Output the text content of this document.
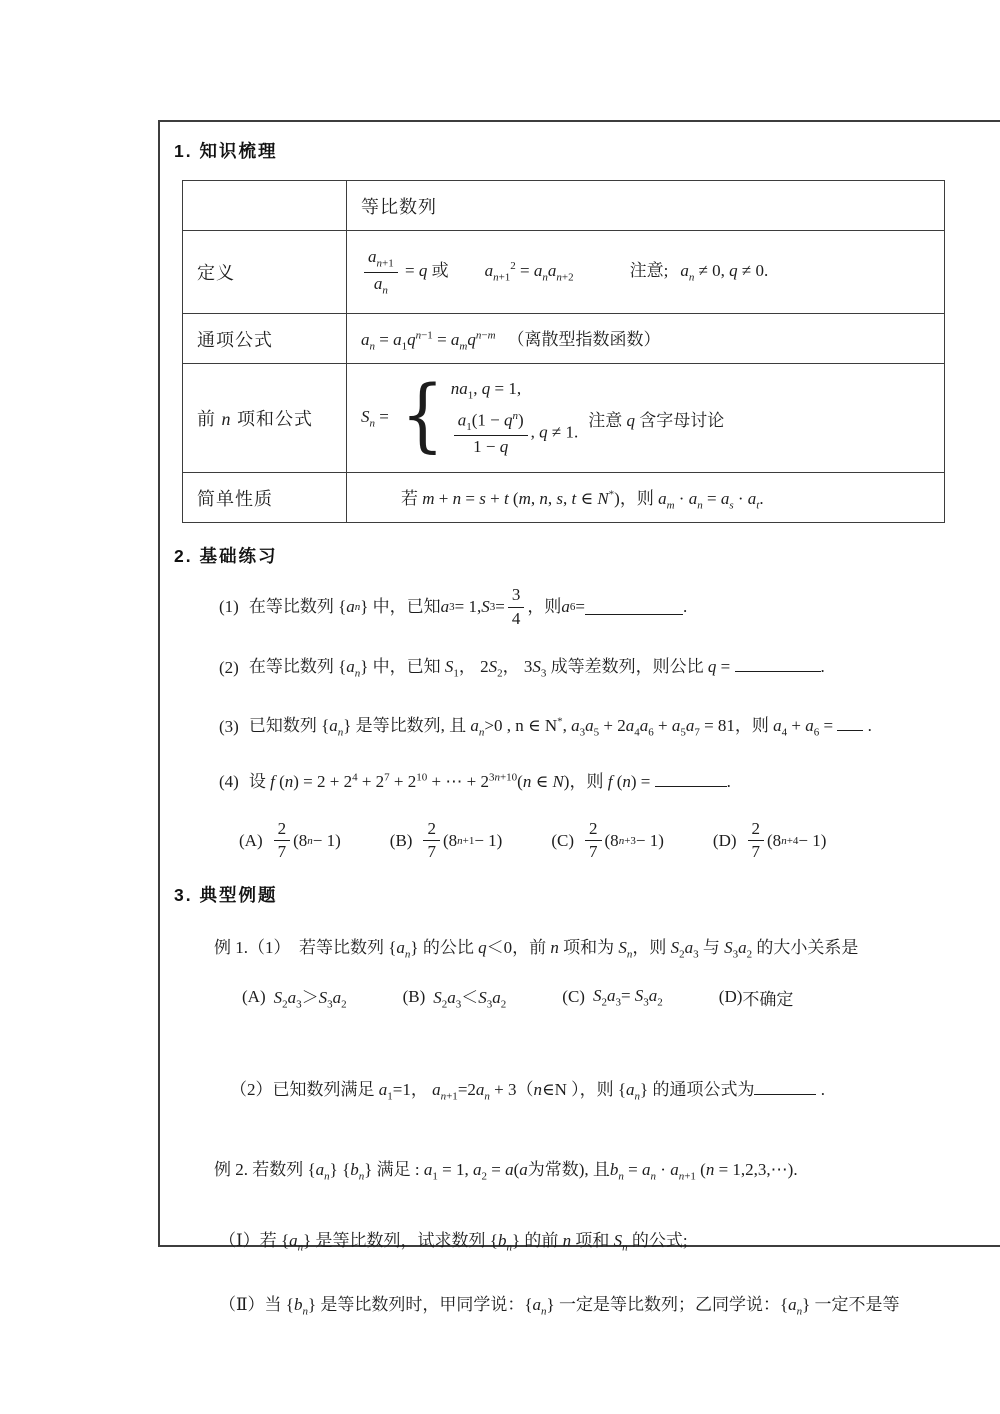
1. 知识梳理
	等比数列
定义	$\frac{a_{n+1}}{a_n} = q$ 或 $a_{n+1}^2 = a_na_{n+2}$ 注意; $a_n \ne 0$, q ≠ 0.
通项公式	$a_n = a_1q^{n-1} = a_mq^{n-m}$ （离散型指数函数）
前 n 项和公式	$S_n$ = { $na_1$, q = 1,
$\frac{a_1(1 - q^n)}{1 - q}$ , q ≠ 1.
注意 q 含字母讨论

简单性质	若 m + n = s + t (m, n, s, t ∈ N*)，则 $a_m \cdot a_n = a_s \cdot a_t$.
2. 基础练习
(1) 在等比数列 { a n } 中，已知 a 3 = 1, S 3 =
3
4
，则 a 6 =	.
(2) 在等比数列 $\{a_n\}$ 中，已知 $S_1$， $2S_2$， $3S_3$ 成等差数列，则公比 q =	.
(3) 已知数列 $\{a_n\}$ 是等比数列, 且 $a_n>0$ , n ∈ N*, $a_3a_5 + 2a_4a_6 + a_5a_7 = 81$，则 $a_4 + a_6$ =  .
(4) 设 f $(n) = 2 + 2^4 + 2^7 + 2^{10}$ + ⋯ + $2^{3n+10}(n$ ∈ N)，则 f (n) =	.
(A)
2
7
(8 n − 1)	(B)
2
7
(8 n+1 − 1)	(C)
2
7
(8 n+3 − 1)	(D)
2
7
(8 n+4 − 1)
3. 典型例题
例 1.（1）　若等比数列 $\{a_n\}$ 的公比 q＜0，前 n 项和为 $S_n$，则 $S_2a_3$ 与 $S_3a_2$ 的大小关系是
(A) $S_2a_3>S_3a_2$	(B) $S_2a_3<S_3a_2$	(C) $S_2a_3= S_3a_2$	(D) 不确定
（2）已知数列满足 $a_1=1$， $a_{n+1}=2a_n$ + 3（n∈N ），则 $\{a_n\}$ 的通项公式为	.
例 2. 若数列 $\{a_n\}$ $\{b_n\}$ 满足 : $a_1 = 1$, $a_2 = a(a$为常数), 且$b_n = a_n \cdot a_{n+1}$ (n = 1,2,3,⋯).
（Ⅰ）若 $\{a_n\}$ 是等比数列，试求数列 $\{b_n\}$ 的前 n 项和 $S_n$ 的公式;
（Ⅱ）当 $\{b_n\}$ 是等比数列时，甲同学说：$\{a_n\}$ 一定是等比数列；乙同学说：$\{a_n\}$ 一定不是等
